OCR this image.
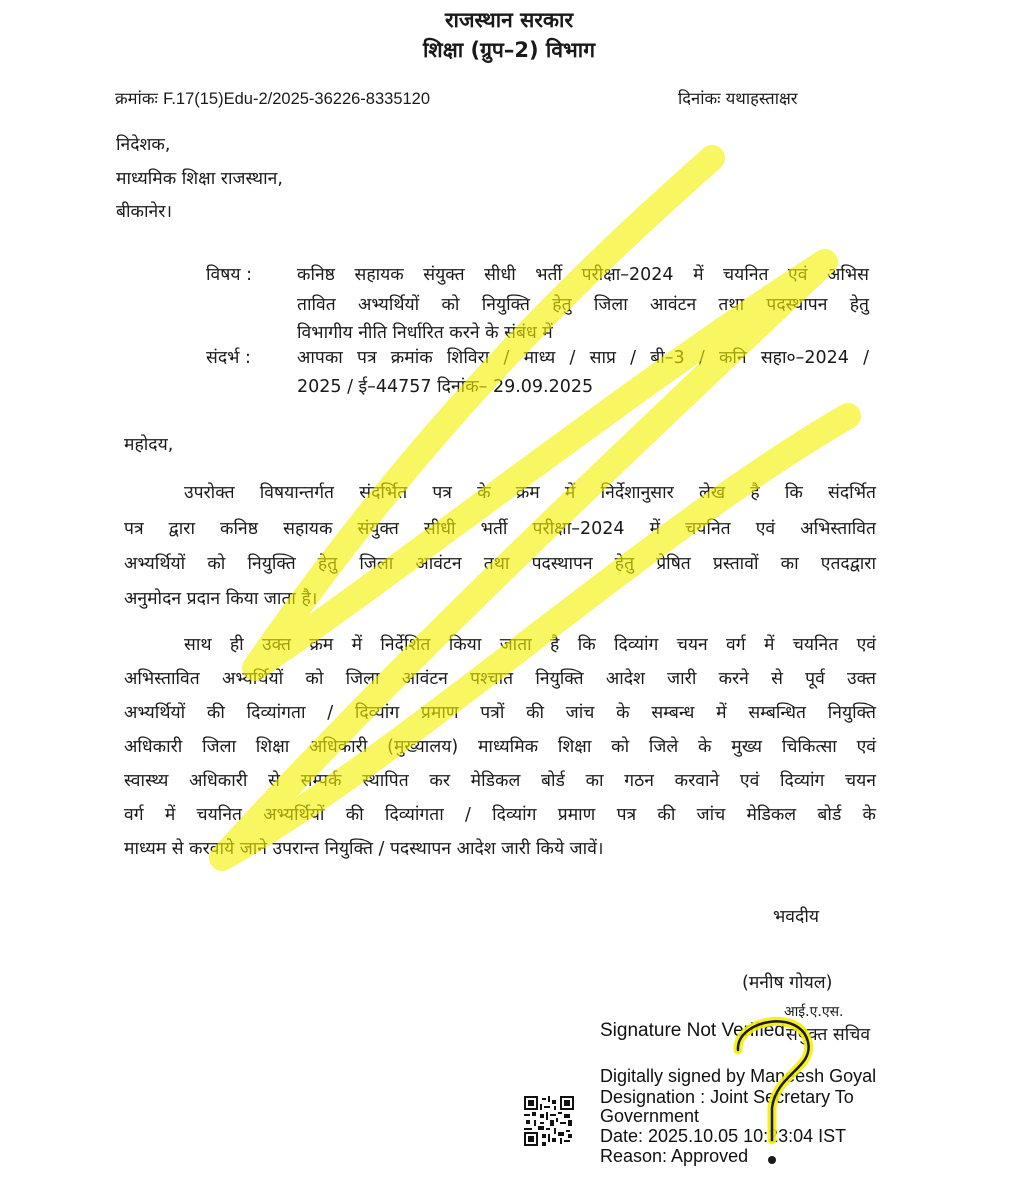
राजस्थान सरकार
शिक्षा (ग्रुप–2) विभाग
क्रमांकः F.17(15)Edu-2/2025-36226-8335120	दिनांकः यथाहस्ताक्षर
निदेशक,
माध्यमिक शिक्षा राजस्थान,
बीकानेर।
विषय :	कनिष्ठ सहायक संयुक्त सीधी भर्ती परीक्षा–2024 में चयनित एवं अभिस
तावित अभ्यर्थियों को नियुक्ति हेतु जिला आवंटन तथा पदस्थापन हेतु
विभागीय नीति निर्धारित करने के संबंध में
संदर्भ :	आपका पत्र क्रमांक शिविरा / माध्य / साप्र / बी–3 / कनि सहा०–2024 /
2025 / ई–44757 दिनांक– 29.09.2025
महोदय,
उपरोक्त विषयान्तर्गत संदर्भित पत्र के क्रम में निर्देशानुसार लेख है कि संदर्भित
पत्र द्वारा कनिष्ठ सहायक संयुक्त सीधी भर्ती परीक्षा–2024 में चयनित एवं अभिस्तावित
अभ्यर्थियों को नियुक्ति हेतु जिला आवंटन तथा पदस्थापन हेतु प्रेषित प्रस्तावों का एतदद्वारा
अनुमोदन प्रदान किया जाता है।
साथ ही उक्त क्रम में निर्देशित किया जाता है कि दिव्यांग चयन वर्ग में चयनित एवं
अभिस्तावित अभ्यर्थियों को जिला आवंटन पश्चात नियुक्ति आदेश जारी करने से पूर्व उक्त
अभ्यर्थियों की दिव्यांगता / दिव्यांग प्रमाण पत्रों की जांच के सम्बन्ध में सम्बन्धित नियुक्ति
अधिकारी जिला शिक्षा अधिकारी (मुख्यालय) माध्यमिक शिक्षा को जिले के मुख्य चिकित्सा एवं
स्वास्थ्य अधिकारी से सम्पर्क स्थापित कर मेडिकल बोर्ड का गठन करवाने एवं दिव्यांग चयन
वर्ग में चयनित अभ्यर्थियों की दिव्यांगता / दिव्यांग प्रमाण पत्र की जांच मेडिकल बोर्ड के
माध्यम से करवाये जाने उपरान्त नियुक्ति / पदस्थापन आदेश जारी किये जावें।
भवदीय
(मनीष गोयल)
आई.ए.एस.
संयुक्त सचिव
Signature Not Verified
Digitally signed by Maneesh Goyal
Designation : Joint Secretary To
Government
Date: 2025.10.05 10:23:04 IST
Reason: Approved
